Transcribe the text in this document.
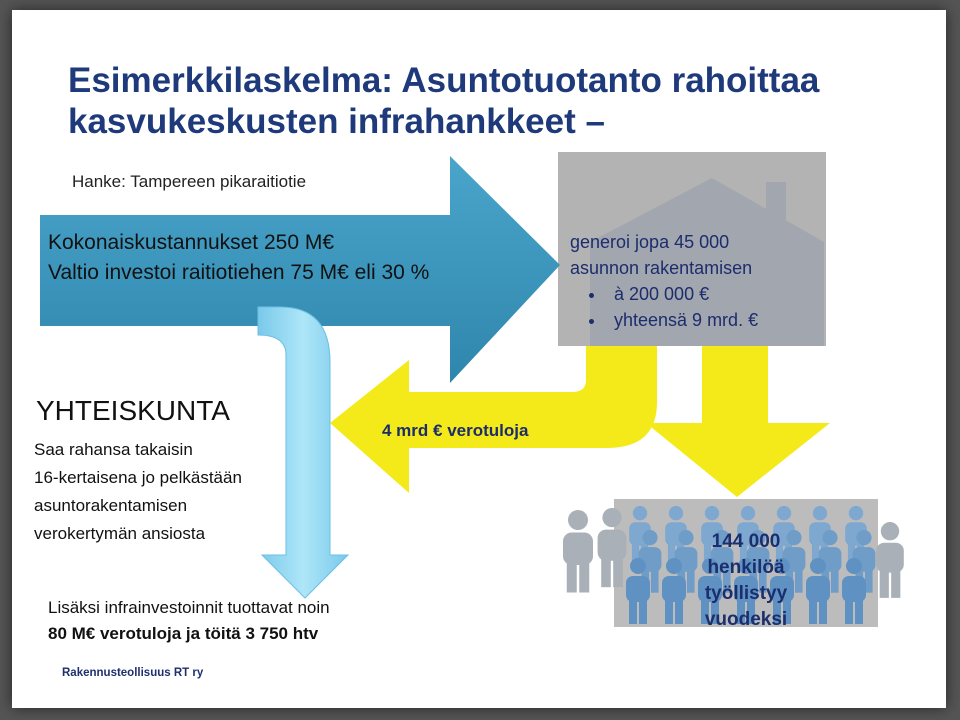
Esimerkkilaskelma: Asuntotuotanto rahoittaa kasvukeskusten infrahankkeet –
Hanke: Tampereen pikaraitiotie
Kokonaiskustannukset 250 M€
Valtio investoi raitiotiehen 75 M€ eli 30 %
generoi jopa 45 000
asunnon rakentamisen
• à 200 000 €
• yhteensä 9 mrd. €
4 mrd € verotuloja
YHTEISKUNTA
Saa rahansa takaisin
16-kertaisena jo pelkästään
asuntorakentamisen
verokertymän ansiosta
Lisäksi infrainvestoinnit tuottavat noin
80 M€ verotuloja ja töitä 3 750 htv
144 000
henkilöä
työllistyy
vuodeksi
Rakennusteollisuus RT ry
